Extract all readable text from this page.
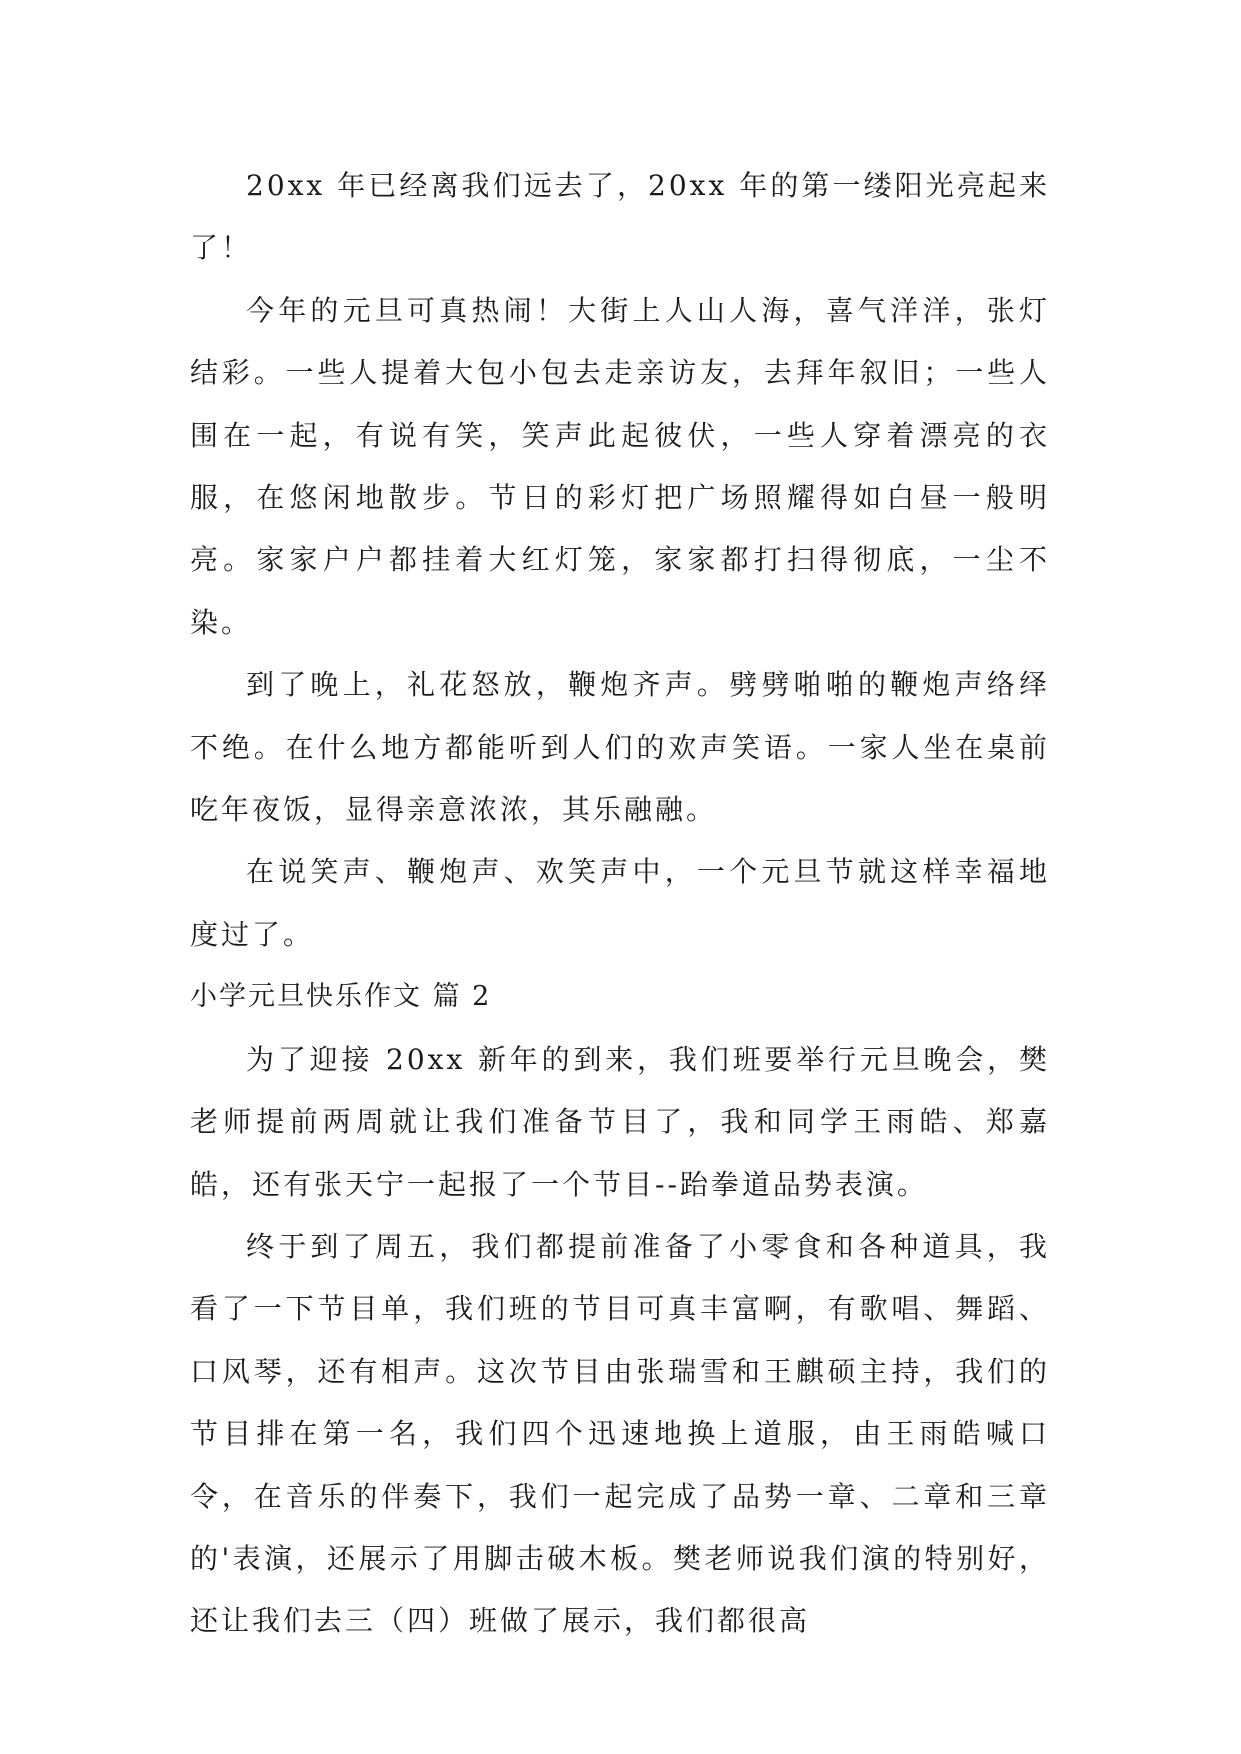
20xx 年已经离我们远去了，20xx 年的第一缕阳光亮起来了！

今年的元旦可真热闹！大街上人山人海，喜气洋洋，张灯结彩。一些人提着大包小包去走亲访友，去拜年叙旧；一些人围在一起，有说有笑，笑声此起彼伏，一些人穿着漂亮的衣服，在悠闲地散步。节日的彩灯把广场照耀得如白昼一般明亮。家家户户都挂着大红灯笼，家家都打扫得彻底，一尘不染。

到了晚上，礼花怒放，鞭炮齐声。劈劈啪啪的鞭炮声络绎不绝。在什么地方都能听到人们的欢声笑语。一家人坐在桌前吃年夜饭，显得亲意浓浓，其乐融融。

在说笑声、鞭炮声、欢笑声中，一个元旦节就这样幸福地度过了。

小学元旦快乐作文 篇 2

为了迎接 20xx 新年的到来，我们班要举行元旦晚会，樊老师提前两周就让我们准备节目了，我和同学王雨皓、郑嘉皓，还有张天宁一起报了一个节目--跆拳道品势表演。

终于到了周五，我们都提前准备了小零食和各种道具，我看了一下节目单，我们班的节目可真丰富啊，有歌唱、舞蹈、口风琴，还有相声。这次节目由张瑞雪和王麒硕主持，我们的节目排在第一名，我们四个迅速地换上道服，由王雨皓喊口令，在音乐的伴奏下，我们一起完成了品势一章、二章和三章的'表演，还展示了用脚击破木板。樊老师说我们演的特别好，还让我们去三（四）班做了展示，我们都很高
